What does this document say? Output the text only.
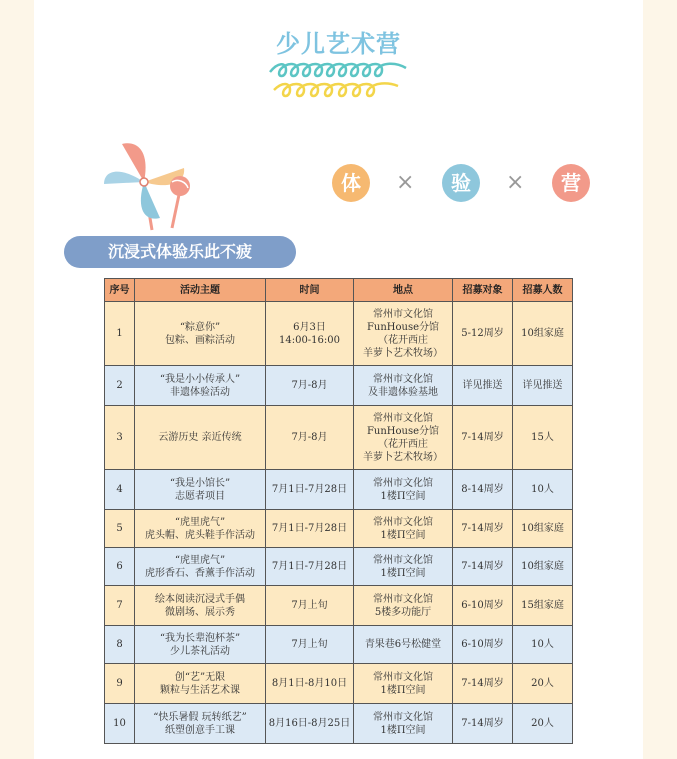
少儿艺术营
体	×	验	×	营
沉浸式体验乐此不疲
序号	活动主题	时间	地点	招募对象	招募人数
1	“粽意你”
包粽、画粽活动	6月3日
14:00-16:00	常州市文化馆
FunHouse分馆
（花开西庄
羊萝卜艺术牧场）	5-12周岁	10组家庭
2	“我是小小传承人”
非遗体验活动	7月-8月	常州市文化馆
及非遗体验基地	详见推送	详见推送
3	云游历史 亲近传统	7月-8月	常州市文化馆
FunHouse分馆
（花开西庄
羊萝卜艺术牧场）	7-14周岁	15人
4	“我是小馆长”
志愿者项目	7月1日-7月28日	常州市文化馆
1楼Π空间	8-14周岁	10人
5	“虎里虎气”
虎头帽、虎头鞋手作活动	7月1日-7月28日	常州市文化馆
1楼Π空间	7-14周岁	10组家庭
6	“虎里虎气”
虎形香石、香薰手作活动	7月1日-7月28日	常州市文化馆
1楼Π空间	7-14周岁	10组家庭
7	绘本阅读沉浸式手偶
微剧场、展示秀	7月上旬	常州市文化馆
5楼多功能厅	6-10周岁	15组家庭
8	“我为长辈泡杯茶”
少儿茶礼活动	7月上旬	青果巷6号松健堂	6-10周岁	10人
9	创“艺”无限
颗粒与生活艺术课	8月1日-8月10日	常州市文化馆
1楼Π空间	7-14周岁	20人
10	“快乐暑假 玩转纸艺”
纸塑创意手工课	8月16日-8月25日	常州市文化馆
1楼Π空间	7-14周岁	20人
